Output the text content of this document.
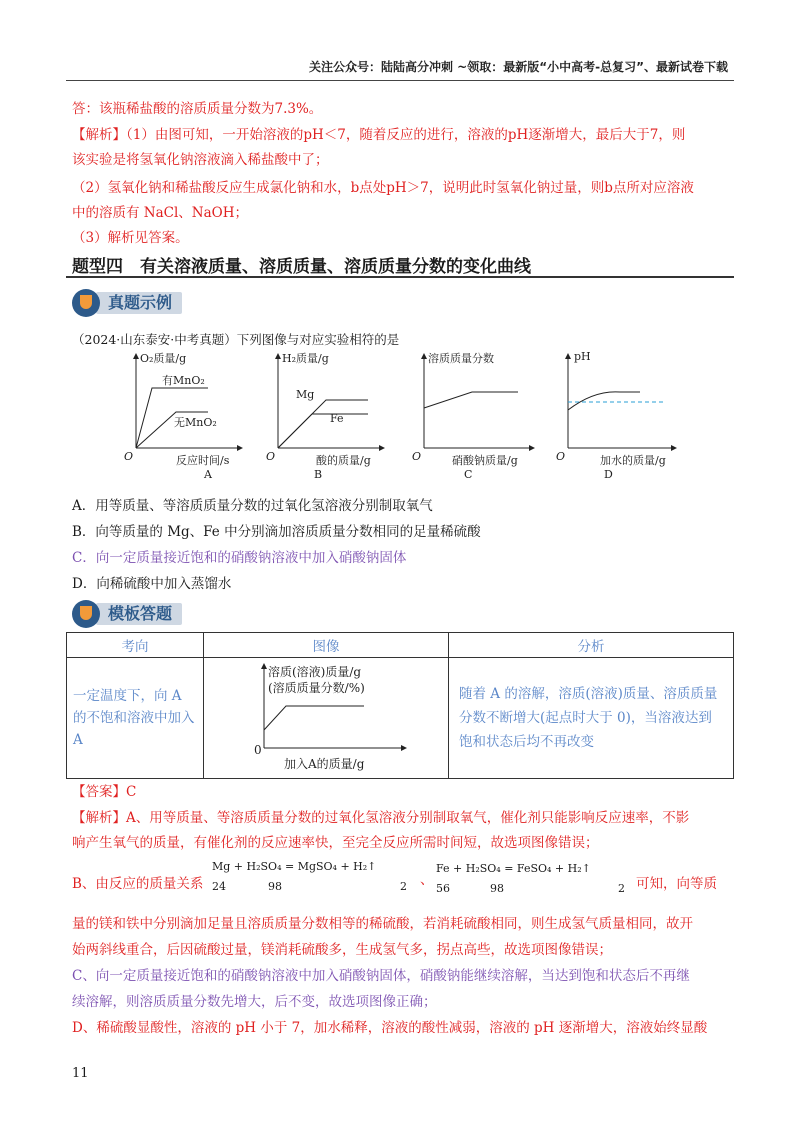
关注公众号：陆陆高分冲刺 ~领取：最新版“小中高考-总复习”、最新试卷下载
答：该瓶稀盐酸的溶质质量分数为7.3%。
【解析】（1）由图可知，一开始溶液的pH＜7，随着反应的进行，溶液的pH逐渐增大，最后大于7，则
该实验是将氢氧化钠溶液滴入稀盐酸中了；
（2）氢氧化钠和稀盐酸反应生成氯化钠和水，b点处pH＞7，说明此时氢氧化钠过量，则b点所对应溶液
中的溶质有 NaCl、NaOH；
（3）解析见答案。
题型四　有关溶液质量、溶质质量、溶质质量分数的变化曲线
真题示例
（2024·山东泰安·中考真题）下列图像与对应实验相符的是
O₂质量/g
有MnO₂
无MnO₂
O	反应时间/s
A
H₂质量/g
Mg
Fe
O	酸的质量/g
B
溶质质量分数
O	硝酸钠质量/g
C
pH
O	加水的质量/g
D
A．用等质量、等溶质质量分数的过氧化氢溶液分别制取氧气
B．向等质量的 Mg、Fe 中分别滴加溶质质量分数相同的足量稀硫酸
C．向一定质量接近饱和的硝酸钠溶液中加入硝酸钠固体
D．向稀硫酸中加入蒸馏水
模板答题
考向	图像	分析
一定温度下，向 A 的不饱和溶液中加入 A	溶质(溶液)质量/g
(溶质质量分数/%)
0
加入A的质量/g	随着 A 的溶解，溶质(溶液)质量、溶质质量分数不断增大(起点时大于 0)，当溶液达到饱和状态后均不再改变
【答案】C
【解析】A、用等质量、等溶质质量分数的过氧化氢溶液分别制取氧气，催化剂只能影响反应速率，不影
响产生氧气的质量，有催化剂的反应速率快，至完全反应所需时间短，故选项图像错误；
B、由反应的质量关系
Mg + H₂SO₄ = MgSO₄ + H₂↑
24	98	2 、
Fe + H₂SO₄ = FeSO₄ + H₂↑
56	98	2 可知，向等质
量的镁和铁中分别滴加足量且溶质质量分数相等的稀硫酸，若消耗硫酸相同，则生成氢气质量相同，故开
始两斜线重合，后因硫酸过量，镁消耗硫酸多，生成氢气多，拐点高些，故选项图像错误；
C、向一定质量接近饱和的硝酸钠溶液中加入硝酸钠固体，硝酸钠能继续溶解，当达到饱和状态后不再继
续溶解，则溶质质量分数先增大，后不变，故选项图像正确；
D、稀硫酸显酸性，溶液的 pH 小于 7，加水稀释，溶液的酸性减弱，溶液的 pH 逐渐增大，溶液始终显酸
11
